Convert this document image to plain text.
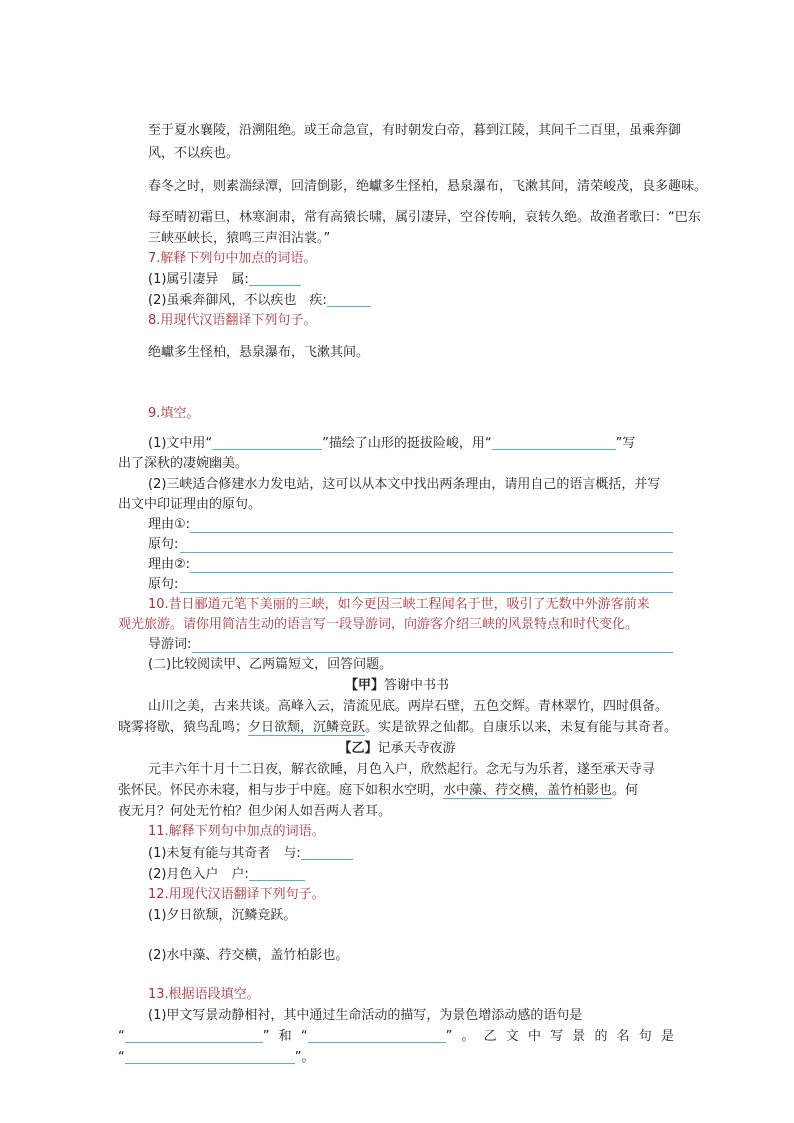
至于夏水襄陵，沿溯阻绝。或王命急宣，有时朝发白帝，暮到江陵，其间千二百里，虽乘奔御
风，不以疾也。
春冬之时，则素湍绿潭，回清倒影，绝巘多生怪柏，悬泉瀑布，飞漱其间，清荣峻茂，良多趣味。
每至晴初霜旦，林寒涧肃，常有高猿长啸，属引凄异，空谷传响，哀转久绝。故渔者歌曰：“巴东
三峡巫峡长，猿鸣三声泪沾裳。”
7.解释下列句中加点的词语。
(1)属引凄异　属:
(2)虽乘奔御风，不以疾也　疾:
8.用现代汉语翻译下列句子。
绝巘多生怪柏，悬泉瀑布，飞漱其间。
9.填空。
(1)文中用“	”描绘了山形的挺拔险峻，用“	”写
出了深秋的凄婉幽美。
(2)三峡适合修建水力发电站，这可以从本文中找出两条理由，请用自己的语言概括，并写
出文中印证理由的原句。
理由①:
原句:
理由②:
原句:
10.昔日郦道元笔下美丽的三峡，如今更因三峡工程闻名于世，吸引了无数中外游客前来
观光旅游。请你用简洁生动的语言写一段导游词，向游客介绍三峡的风景特点和时代变化。
导游词:
(二)比较阅读甲、乙两篇短文，回答问题。
【甲】答谢中书书
山川之美，古来共谈。高峰入云，清流见底。两岸石壁，五色交辉。青林翠竹，四时俱备。
晓雾将歇，猿鸟乱鸣；夕日欲颓，沉鳞竞跃。实是欲界之仙都。自康乐以来，未复有能与其奇者。
【乙】记承天寺夜游
元丰六年十月十二日夜，解衣欲睡，月色入户，欣然起行。念无与为乐者，遂至承天寺寻
张怀民。怀民亦未寝，相与步于中庭。庭下如积水空明，水中藻、荇交横，盖竹柏影也。何
夜无月？何处无竹柏？但少闲人如吾两人者耳。
11.解释下列句中加点的词语。
(1)未复有能与其奇者　与:
(2)月色入户　户:
12.用现代汉语翻译下列句子。
(1)夕日欲颓，沉鳞竞跃。
(2)水中藻、荇交横，盖竹柏影也。
13.根据语段填空。
(1)甲文写景动静相衬，其中通过生命活动的描写，为景色增添动感的语句是
“	”和“	”。乙文中写景的名句是
“	”。
